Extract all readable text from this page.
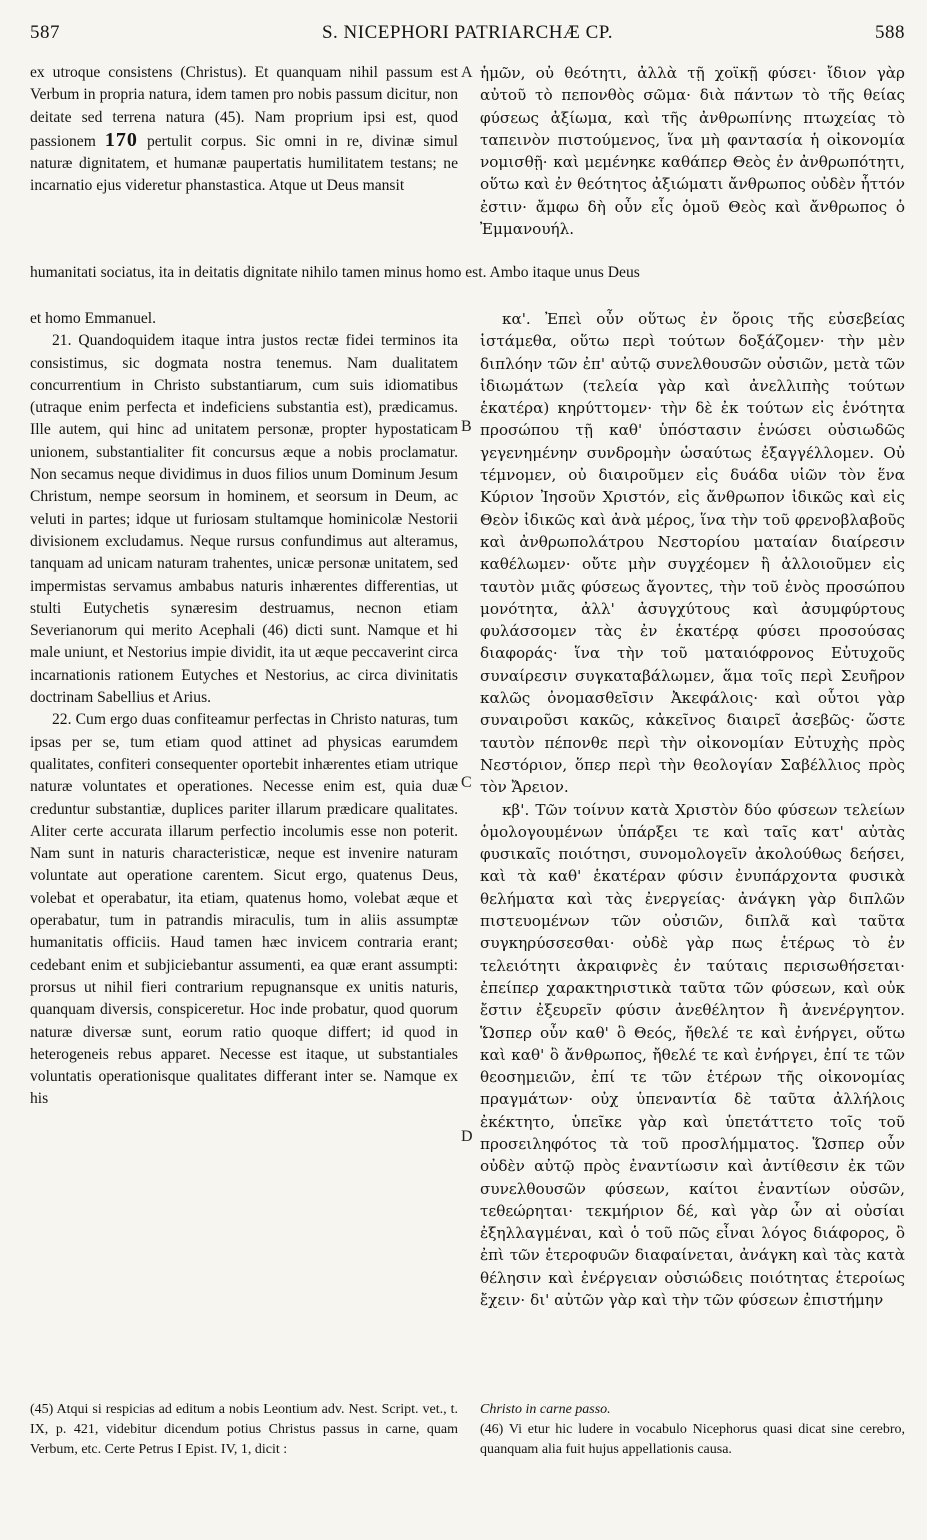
587	S. NICEPHORI PATRIARCHÆ CP.	588

ex utroque consistens (Christus). Et quanquam nihil passum est Verbum in propria natura, idem tamen pro nobis passum dicitur, non deitate sed terrena natura (45). Nam proprium ipsi est, quod passionem 170 pertulit corpus. Sic omni in re, divinæ simul naturæ dignitatem, et humanæ paupertatis humilitatem testans; ne incarnatio ejus videretur phanstastica. Atque ut Deus mansit

ἡμῶν, οὐ θεότητι, ἀλλὰ τῇ χοϊκῇ φύσει· ἴδιον γὰρ αὐτοῦ τὸ πεπονθὸς σῶμα· διὰ πάντων τὸ τῆς θείας φύσεως ἀξίωμα, καὶ τῆς ἀνθρωπίνης πτωχείας τὸ ταπεινὸν πιστούμενος, ἵνα μὴ φαντασία ἡ οἰκονομία νομισθῇ· καὶ μεμένηκε καθάπερ Θεὸς ἐν ἀνθρωπότητι, οὕτω καὶ ἐν θεότητος ἀξιώματι ἄνθρωπος οὐδὲν ἧττόν ἐστιν· ἄμφω δὴ οὖν εἷς ὁμοῦ Θεὸς καὶ ἄνθρωπος ὁ Ἐμμανουήλ.

humanitati sociatus, ita in deitatis dignitate nihilo tamen minus homo est. Ambo itaque unus Deus

et homo Emmanuel.

21. Quandoquidem itaque intra justos rectæ fidei terminos ita consistimus, sic dogmata nostra tenemus. Nam dualitatem concurrentium in Christo substantiarum, cum suis idiomatibus (utraque enim perfecta et indeficiens substantia est), prædicamus. Ille autem, qui hinc ad unitatem personæ, propter hypostaticam unionem, substantialiter fit concursus æque a nobis proclamatur. Non secamus neque dividimus in duos filios unum Dominum Jesum Christum, nempe seorsum in hominem, et seorsum in Deum, ac veluti in partes; idque ut furiosam stultamque hominicolæ Nestorii divisionem excludamus. Neque rursus confundimus aut alteramus, tanquam ad unicam naturam trahentes, unicæ personæ unitatem, sed impermistas servamus ambabus naturis inhærentes differentias, ut stulti Eutychetis synæresim destruamus, necnon etiam Severianorum qui merito Acephali (46) dicti sunt. Namque et hi male uniunt, et Nestorius impie dividit, ita ut æque peccaverint circa incarnationis rationem Eutyches et Nestorius, ac circa divinitatis doctrinam Sabellius et Arius.

22. Cum ergo duas confiteamur perfectas in Christo naturas, tum ipsas per se, tum etiam quod attinet ad physicas earumdem qualitates, confiteri consequenter oportebit inhærentes etiam utrique naturæ voluntates et operationes. Necesse enim est, quia duæ creduntur substantiæ, duplices pariter illarum prædicare qualitates. Aliter certe accurata illarum perfectio incolumis esse non poterit. Nam sunt in naturis characteristicæ, neque est invenire naturam voluntate aut operatione carentem. Sicut ergo, quatenus Deus, volebat et operabatur, ita etiam, quatenus homo, volebat æque et operabatur, tum in patrandis miraculis, tum in aliis assumptæ humanitatis officiis. Haud tamen hæc invicem contraria erant; cedebant enim et subjiciebantur assumenti, ea quæ erant assumpti: prorsus ut nihil fieri contrarium repugnansque ex unitis naturis, quanquam diversis, conspiceretur. Hoc inde probatur, quod quorum naturæ diversæ sunt, eorum ratio quoque differt; id quod in heterogeneis rebus apparet. Necesse est itaque, ut substantiales voluntatis operationisque qualitates differant inter se. Namque ex his

κα'. Ἐπεὶ οὖν οὕτως ἐν ὅροις τῆς εὐσεβείας ἱστάμεθα, οὕτω περὶ τούτων δοξάζομεν· τὴν μὲν διπλόην τῶν ἐπ' αὐτῷ συνελθουσῶν οὐσιῶν, μετὰ τῶν ἰδιωμάτων (τελεία γὰρ καὶ ἀνελλιπὴς τούτων ἑκατέρα) κηρύττομεν· τὴν δὲ ἐκ τούτων εἰς ἑνότητα προσώπου τῇ καθ' ὑπόστασιν ἑνώσει οὐσιωδῶς γεγενημένην συνδρομὴν ὡσαύτως ἐξαγγέλλομεν. Οὐ τέμνομεν, οὐ διαιροῦμεν εἰς δυάδα υἱῶν τὸν ἕνα Κύριον Ἰησοῦν Χριστόν, εἰς ἄνθρωπον ἰδικῶς καὶ εἰς Θεὸν ἰδικῶς καὶ ἀνὰ μέρος, ἵνα τὴν τοῦ φρενοβλαβοῦς καὶ ἀνθρωπολάτρου Νεστορίου ματαίαν διαίρεσιν καθέλωμεν· οὔτε μὴν συγχέομεν ἢ ἀλλοιοῦμεν εἰς ταυτὸν μιᾶς φύσεως ἄγοντες, τὴν τοῦ ἑνὸς προσώπου μονότητα, ἀλλ' ἀσυγχύτους καὶ ἀσυμφύρτους φυλάσσομεν τὰς ἐν ἑκατέρᾳ φύσει προσούσας διαφοράς· ἵνα τὴν τοῦ ματαιόφρονος Εὐτυχοῦς συναίρεσιν συγκαταβάλωμεν, ἅμα τοῖς περὶ Σευῆρον καλῶς ὀνομασθεῖσιν Ἀκεφάλοις· καὶ οὗτοι γὰρ συναιροῦσι κακῶς, κἀκεῖνος διαιρεῖ ἀσεβῶς· ὥστε ταυτὸν πέπονθε περὶ τὴν οἰκονομίαν Εὐτυχὴς πρὸς Νεστόριον, ὅπερ περὶ τὴν θεολογίαν Σαβέλλιος πρὸς τὸν Ἄρειον.

κβ'. Τῶν τοίνυν κατὰ Χριστὸν δύο φύσεων τελείων ὁμολογουμένων ὑπάρξει τε καὶ ταῖς κατ' αὐτὰς φυσικαῖς ποιότησι, συνομολογεῖν ἀκολούθως δεήσει, καὶ τὰ καθ' ἑκατέραν φύσιν ἐνυπάρχοντα φυσικὰ θελήματα καὶ τὰς ἐνεργείας· ἀνάγκη γὰρ διπλῶν πιστευομένων τῶν οὐσιῶν, διπλᾶ καὶ ταῦτα συγκηρύσσεσθαι· οὐδὲ γὰρ πως ἑτέρως τὸ ἐν τελειότητι ἀκραιφνὲς ἐν ταύταις περισωθήσεται· ἐπείπερ χαρακτηριστικὰ ταῦτα τῶν φύσεων, καὶ οὐκ ἔστιν ἐξευρεῖν φύσιν ἀνεθέλητον ἢ ἀνενέργητον. Ὥσπερ οὖν καθ' ὃ Θεός, ἤθελέ τε καὶ ἐνήργει, οὕτω καὶ καθ' ὃ ἄνθρωπος, ἤθελέ τε καὶ ἐνήργει, ἐπί τε τῶν θεοσημειῶν, ἐπί τε τῶν ἑτέρων τῆς οἰκονομίας πραγμάτων· οὐχ ὑπεναντία δὲ ταῦτα ἀλλήλοις ἐκέκτητο, ὑπεῖκε γὰρ καὶ ὑπετάττετο τοῖς τοῦ προσειληφότος τὰ τοῦ προσλήμματος. Ὥσπερ οὖν οὐδὲν αὐτῷ πρὸς ἐναντίωσιν καὶ ἀντίθεσιν ἐκ τῶν συνελθουσῶν φύσεων, καίτοι ἐναντίων οὐσῶν, τεθεώρηται· τεκμήριον δέ, καὶ γὰρ ὧν αἱ οὐσίαι ἐξηλλαγμέναι, καὶ ὁ τοῦ πῶς εἶναι λόγος διάφορος, ὃ ἐπὶ τῶν ἑτεροφυῶν διαφαίνεται, ἀνάγκη καὶ τὰς κατὰ θέλησιν καὶ ἐνέργειαν οὐσιώδεις ποιότητας ἑτεροίως ἔχειν· δι' αὐτῶν γὰρ καὶ τὴν τῶν φύσεων ἐπιστήμην

A
B
C
D

(45) Atqui si respicias ad editum a nobis Leontium adv. Nest. Script. vet., t. IX, p. 421, videbitur dicendum potius Christus passus in carne, quam Verbum, etc. Certe Petrus I Epist. IV, 1, dicit :

Christo in carne passo.

(46) Vi etur hic ludere in vocabulo Nicephorus quasi dicat sine cerebro, quanquam alia fuit hujus appellationis causa.
